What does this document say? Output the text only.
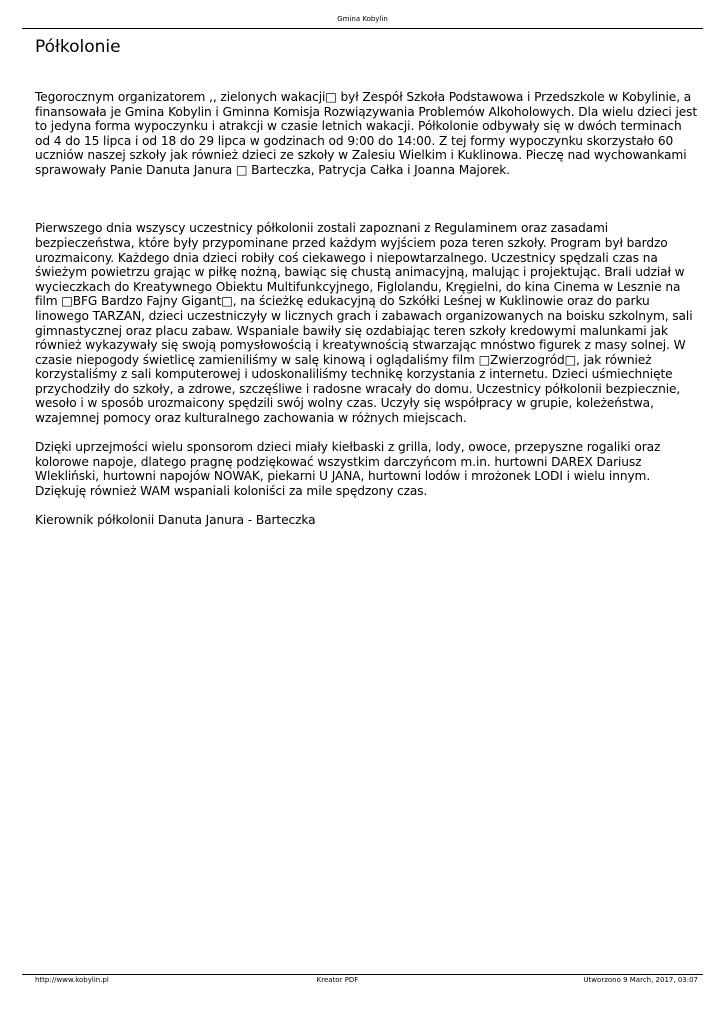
Gmina Kobylin
Półkolonie

Tegorocznym organizatorem ,, zielonych wakacji□ był Zespół Szkoła Podstawowa i Przedszkole w Kobylinie, a finansowała je Gmina Kobylin i Gminna Komisja Rozwiązywania Problemów Alkoholowych. Dla wielu dzieci jest to jedyna forma wypoczynku i atrakcji w czasie letnich wakacji. Półkolonie odbywały się w dwóch terminach od 4 do 15 lipca i od 18 do 29 lipca w godzinach od 9:00 do 14:00. Z tej formy wypoczynku skorzystało 60 uczniów naszej szkoły jak również dzieci ze szkoły w Zalesiu Wielkim i Kuklinowa. Pieczę nad wychowankami sprawowały Panie Danuta Janura □ Barteczka, Patrycja Całka i Joanna Majorek.

Pierwszego dnia wszyscy uczestnicy półkolonii zostali zapoznani z Regulaminem oraz zasadami bezpieczeństwa, które były przypominane przed każdym wyjściem poza teren szkoły. Program był bardzo urozmaicony. Każdego dnia dzieci robiły coś ciekawego i niepowtarzalnego. Uczestnicy spędzali czas na świeżym powietrzu grając w piłkę nożną, bawiąc się chustą animacyjną, malując i projektując. Brali udział w wycieczkach do Kreatywnego Obiektu Multifunkcyjnego, Figlolandu, Kręgielni, do kina Cinema w Lesznie na film □BFG Bardzo Fajny Gigant□, na ścieżkę edukacyjną do Szkółki Leśnej w Kuklinowie oraz do parku linowego TARZAN, dzieci uczestniczyły w licznych grach i zabawach organizowanych na boisku szkolnym, sali gimnastycznej oraz placu zabaw. Wspaniale bawiły się ozdabiając teren szkoły kredowymi malunkami jak również wykazywały się swoją pomysłowością i kreatywnością stwarzając mnóstwo figurek z masy solnej. W czasie niepogody świetlicę zamieniliśmy w salę kinową i oglądaliśmy film □Zwierzogród□, jak również korzystaliśmy z sali komputerowej i udoskonaliliśmy technikę korzystania z internetu. Dzieci uśmiechnięte przychodziły do szkoły, a zdrowe, szczęśliwe i radosne wracały do domu. Uczestnicy półkolonii bezpiecznie, wesoło i w sposób urozmaicony spędzili swój wolny czas. Uczyły się współpracy w grupie, koleżeństwa, wzajemnej pomocy oraz kulturalnego zachowania w różnych miejscach.

Dzięki uprzejmości wielu sponsorom dzieci miały kiełbaski z grilla, lody, owoce, przepyszne rogaliki oraz kolorowe napoje, dlatego pragnę podziękować wszystkim darczyńcom m.in. hurtowni DAREX Dariusz Wlekliński, hurtowni napojów NOWAK, piekarni U JANA, hurtowni lodów i mrożonek LODI i wielu innym. Dziękuję również WAM wspaniali koloniści za mile spędzony czas.

Kierownik półkolonii Danuta Janura - Barteczka

http://www.kobylin.pl	Kreator PDF	Utworzono 9 March, 2017, 03:07
